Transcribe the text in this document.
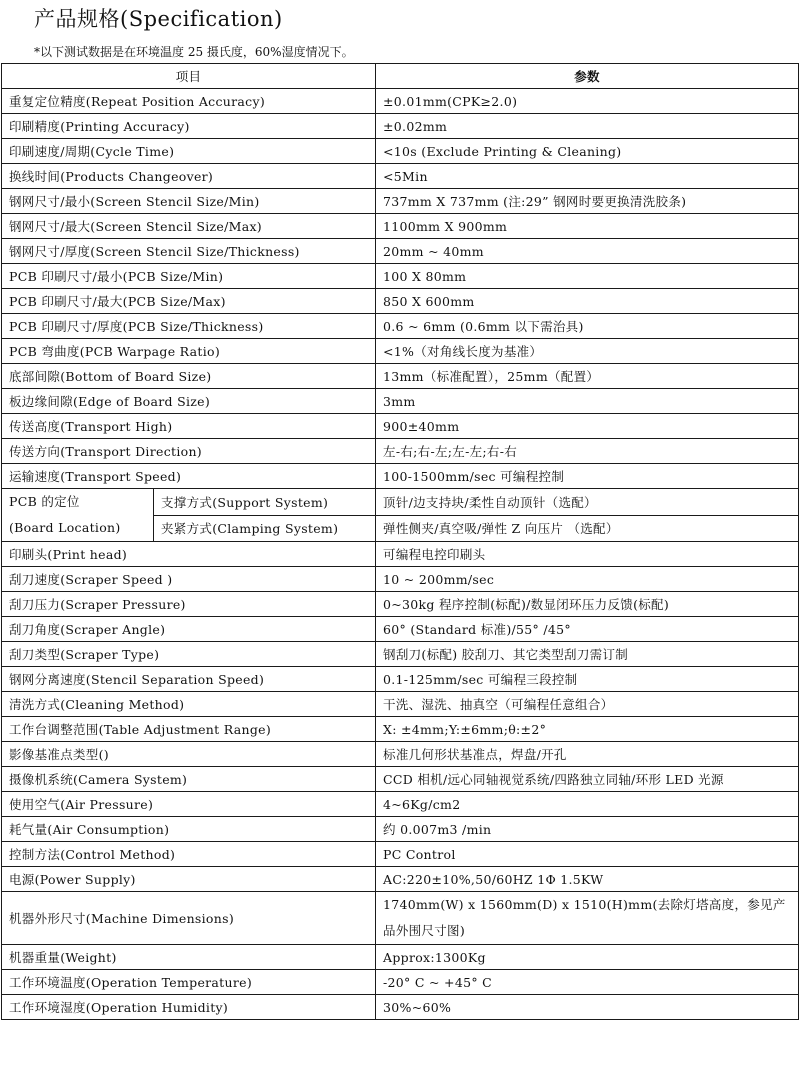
产品规格(Specification)
*以下测试数据是在环境温度 25 摄氏度，60%湿度情况下。
项目		参数
重复定位精度(Repeat Position Accuracy)		±0.01mm(CPK≥2.0)
印刷精度(Printing Accuracy)		±0.02mm
印刷速度/周期(Cycle Time)		<10s (Exclude Printing & Cleaning)
换线时间(Products Changeover)		<5Min
钢网尺寸/最小(Screen Stencil Size/Min)		737mm X 737mm (注:29” 钢网时要更换清洗胶条)
钢网尺寸/最大(Screen Stencil Size/Max)		1100mm X 900mm
钢网尺寸/厚度(Screen Stencil Size/Thickness)		20mm ~ 40mm
PCB 印刷尺寸/最小(PCB Size/Min)		100 X 80mm
PCB 印刷尺寸/最大(PCB Size/Max)		850 X 600mm
PCB 印刷尺寸/厚度(PCB Size/Thickness)		0.6 ~ 6mm (0.6mm 以下需治具)
PCB 弯曲度(PCB Warpage Ratio)		<1%（对角线长度为基准）
底部间隙(Bottom of Board Size)		13mm（标准配置），25mm（配置）
板边缘间隙(Edge of Board Size)		3mm
传送高度(Transport High)		900±40mm
传送方向(Transport Direction)		左-右;右-左;左-左;右-右
运输速度(Transport Speed)		100-1500mm/sec 可编程控制
PCB 的定位
(Board Location)	支撑方式(Support System)	顶针/边支持块/柔性自动顶针（选配）
	夹紧方式(Clamping System)	弹性侧夹/真空吸/弹性 Z 向压片 （选配）
印刷头(Print head)		可编程电控印刷头
刮刀速度(Scraper Speed )		10 ~ 200mm/sec
刮刀压力(Scraper Pressure)		0~30kg 程序控制(标配)/数显闭环压力反馈(标配)
刮刀角度(Scraper Angle)		60° (Standard 标准)/55° /45°
刮刀类型(Scraper Type)		钢刮刀(标配) 胶刮刀、其它类型刮刀需订制
钢网分离速度(Stencil Separation Speed)		0.1-125mm/sec 可编程三段控制
清洗方式(Cleaning Method)		干洗、湿洗、抽真空（可编程任意组合）
工作台调整范围(Table Adjustment Range)		X: ±4mm;Y:±6mm;θ:±2°
影像基准点类型()		标准几何形状基准点，焊盘/开孔
摄像机系统(Camera System)		CCD 相机/远心同轴视觉系统/四路独立同轴/环形 LED 光源
使用空气(Air Pressure)		4~6Kg/cm2
耗气量(Air Consumption)		约 0.007m3 /min
控制方法(Control Method)		PC Control
电源(Power Supply)		AC:220±10%,50/60HZ 1Φ 1.5KW
机器外形尺寸(Machine Dimensions)		1740mm(W) x 1560mm(D) x 1510(H)mm(去除灯塔高度，参见产品外围尺寸图)
机器重量(Weight)		Approx:1300Kg
工作环境温度(Operation Temperature)		-20° C ~ +45° C
工作环境湿度(Operation Humidity)		30%~60%
